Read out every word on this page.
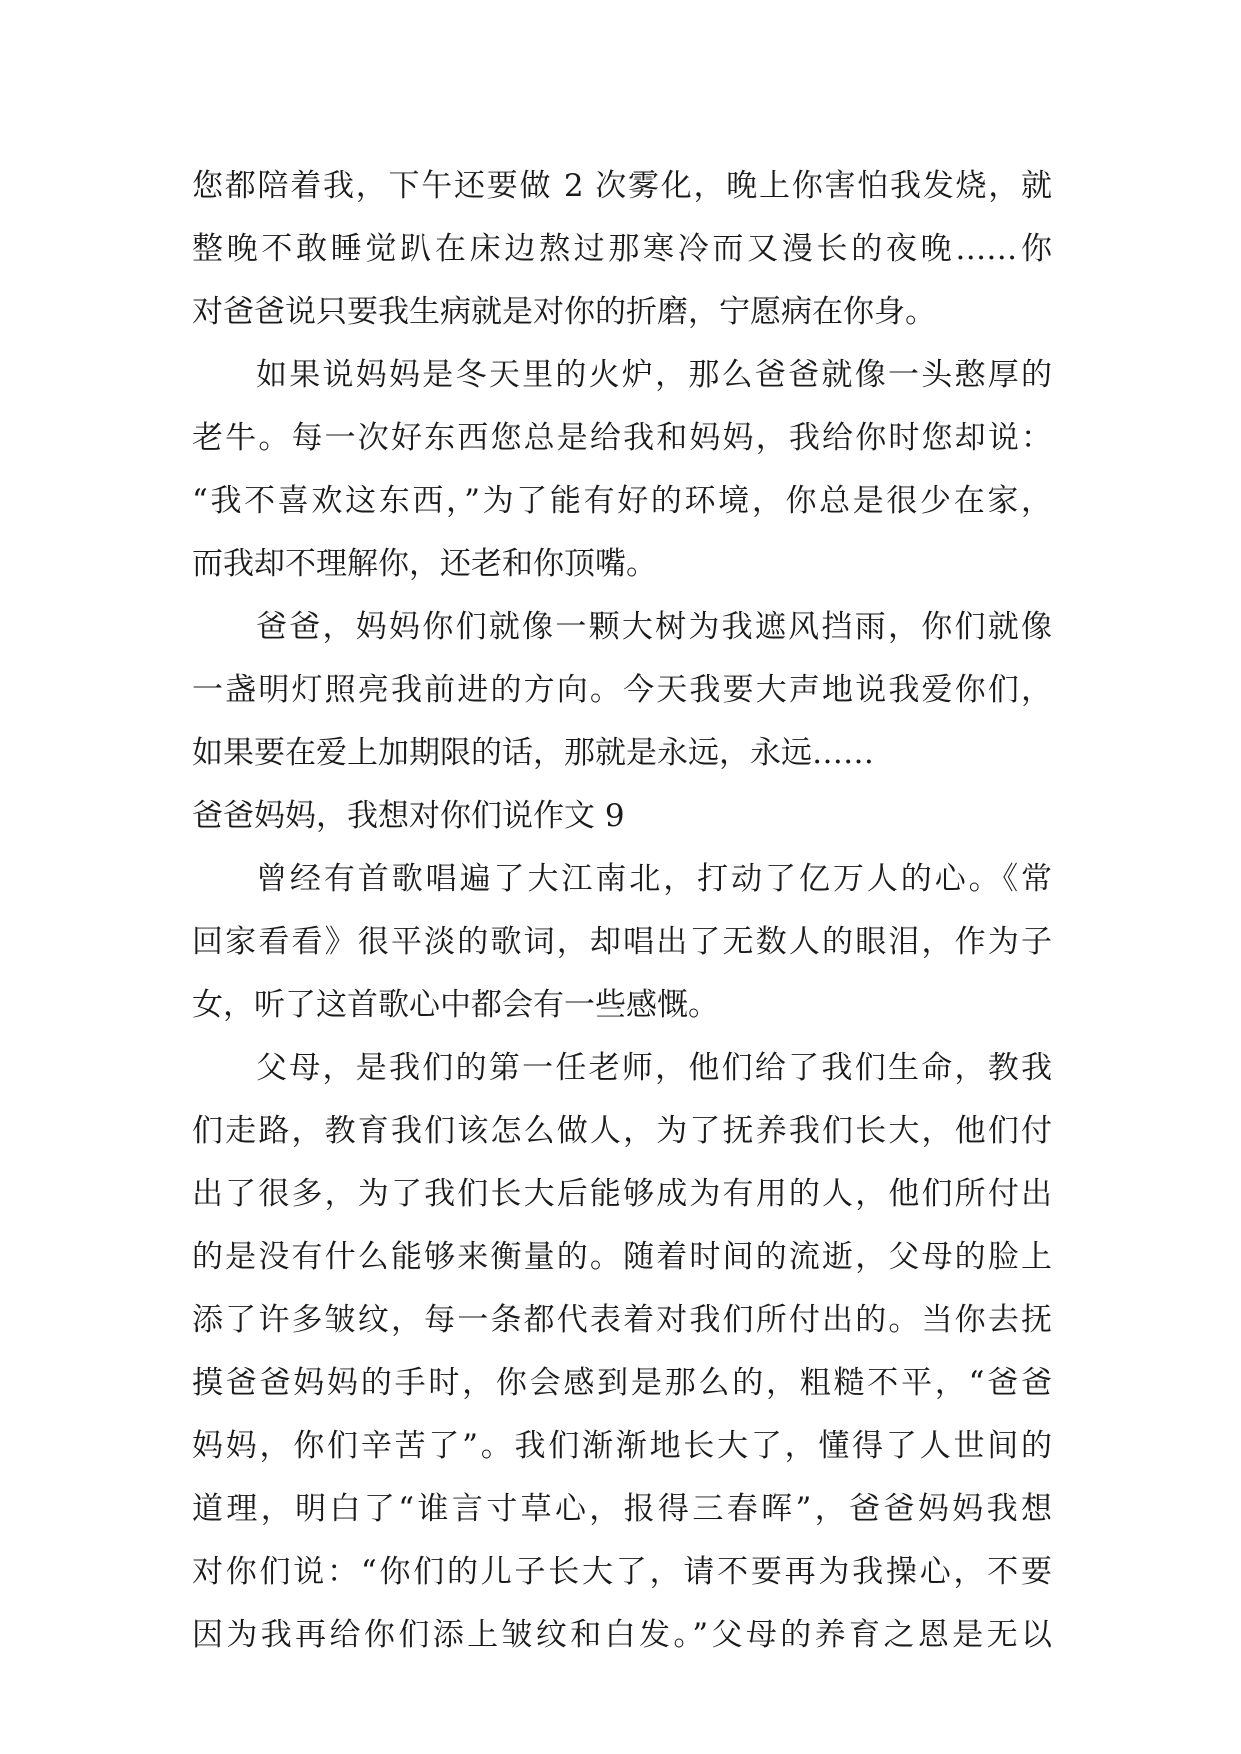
您都陪着我，下午还要做 2 次雾化，晚上你害怕我发烧，就
整晚不敢睡觉趴在床边熬过那寒冷而又漫长的夜晚……你
对爸爸说只要我生病就是对你的折磨，宁愿病在你身。
如果说妈妈是冬天里的火炉，那么爸爸就像一头憨厚的
老牛。每一次好东西您总是给我和妈妈，我给你时您却说：
“我不喜欢这东西，”为了能有好的环境，你总是很少在家，
而我却不理解你，还老和你顶嘴。
爸爸，妈妈你们就像一颗大树为我遮风挡雨，你们就像
一盏明灯照亮我前进的方向。今天我要大声地说我爱你们，
如果要在爱上加期限的话，那就是永远，永远……
爸爸妈妈，我想对你们说作文 9
曾经有首歌唱遍了大江南北，打动了亿万人的心。《常
回家看看》很平淡的歌词，却唱出了无数人的眼泪，作为子
女，听了这首歌心中都会有一些感慨。
父母，是我们的第一任老师，他们给了我们生命，教我
们走路，教育我们该怎么做人，为了抚养我们长大，他们付
出了很多，为了我们长大后能够成为有用的人，他们所付出
的是没有什么能够来衡量的。随着时间的流逝，父母的脸上
添了许多皱纹，每一条都代表着对我们所付出的。当你去抚
摸爸爸妈妈的手时，你会感到是那么的，粗糙不平，“爸爸
妈妈，你们辛苦了”。我们渐渐地长大了，懂得了人世间的
道理，明白了“谁言寸草心，报得三春晖”，爸爸妈妈我想
对你们说：“你们的儿子长大了，请不要再为我操心，不要
因为我再给你们添上皱纹和白发。”父母的养育之恩是无以
